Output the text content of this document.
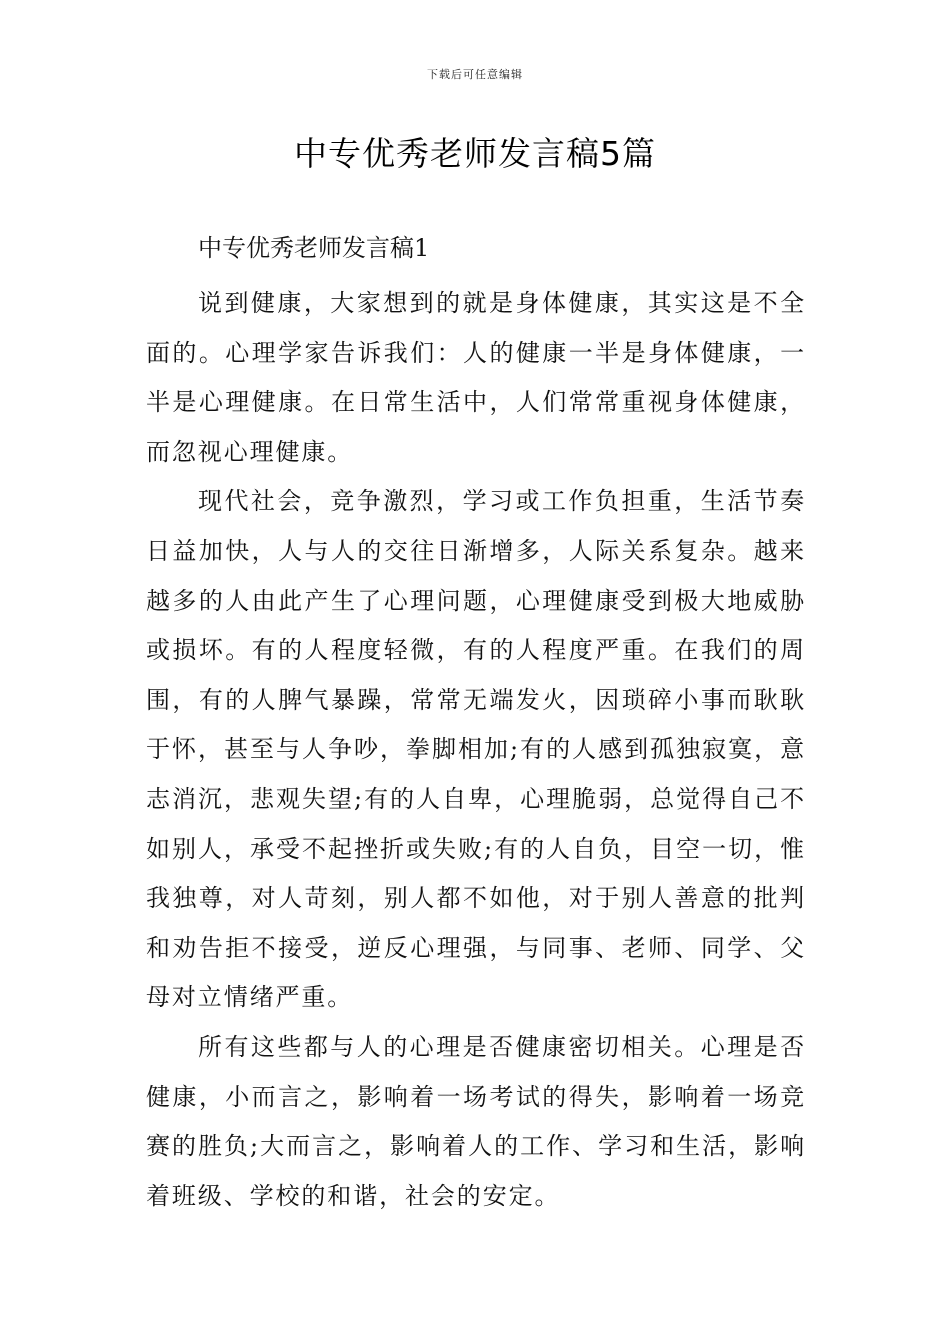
下载后可任意编辑
中专优秀老师发言稿5篇

中专优秀老师发言稿1

说到健康，大家想到的就是身体健康，其实这是不全面的。心理学家告诉我们：人的健康一半是身体健康，一半是心理健康。在日常生活中，人们常常重视身体健康，而忽视心理健康。

现代社会，竞争激烈，学习或工作负担重，生活节奏日益加快，人与人的交往日渐增多，人际关系复杂。越来越多的人由此产生了心理问题，心理健康受到极大地威胁或损坏。有的人程度轻微，有的人程度严重。在我们的周围，有的人脾气暴躁，常常无端发火，因琐碎小事而耿耿于怀，甚至与人争吵，拳脚相加;有的人感到孤独寂寞，意志消沉，悲观失望;有的人自卑，心理脆弱，总觉得自己不如别人，承受不起挫折或失败;有的人自负，目空一切，惟我独尊，对人苛刻，别人都不如他，对于别人善意的批判和劝告拒不接受，逆反心理强，与同事、老师、同学、父母对立情绪严重。

所有这些都与人的心理是否健康密切相关。心理是否健康，小而言之，影响着一场考试的得失，影响着一场竞赛的胜负;大而言之，影响着人的工作、学习和生活，影响着班级、学校的和谐，社会的安定。
